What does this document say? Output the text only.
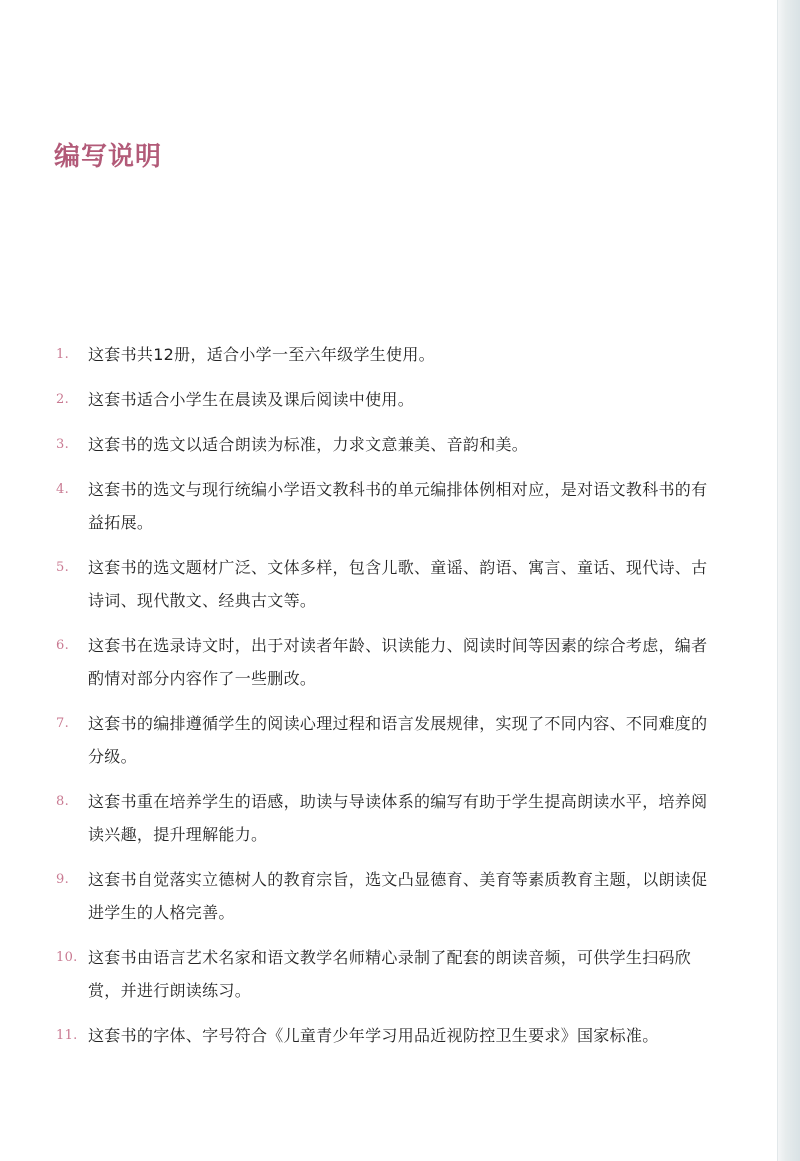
编写说明
1.	这套书共12册，适合小学一至六年级学生使用。
2.	这套书适合小学生在晨读及课后阅读中使用。
3.	这套书的选文以适合朗读为标准，力求文意兼美、音韵和美。
4.	这套书的选文与现行统编小学语文教科书的单元编排体例相对应，是对语文教科书的有益拓展。
5.	这套书的选文题材广泛、文体多样，包含儿歌、童谣、韵语、寓言、童话、现代诗、古诗词、现代散文、经典古文等。
6.	这套书在选录诗文时，出于对读者年龄、识读能力、阅读时间等因素的综合考虑，编者酌情对部分内容作了一些删改。
7.	这套书的编排遵循学生的阅读心理过程和语言发展规律，实现了不同内容、不同难度的分级。
8.	这套书重在培养学生的语感，助读与导读体系的编写有助于学生提高朗读水平，培养阅读兴趣，提升理解能力。
9.	这套书自觉落实立德树人的教育宗旨，选文凸显德育、美育等素质教育主题，以朗读促进学生的人格完善。
10. 这套书由语言艺术名家和语文教学名师精心录制了配套的朗读音频，可供学生扫码欣赏，并进行朗读练习。
11. 这套书的字体、字号符合《儿童青少年学习用品近视防控卫生要求》国家标准。
